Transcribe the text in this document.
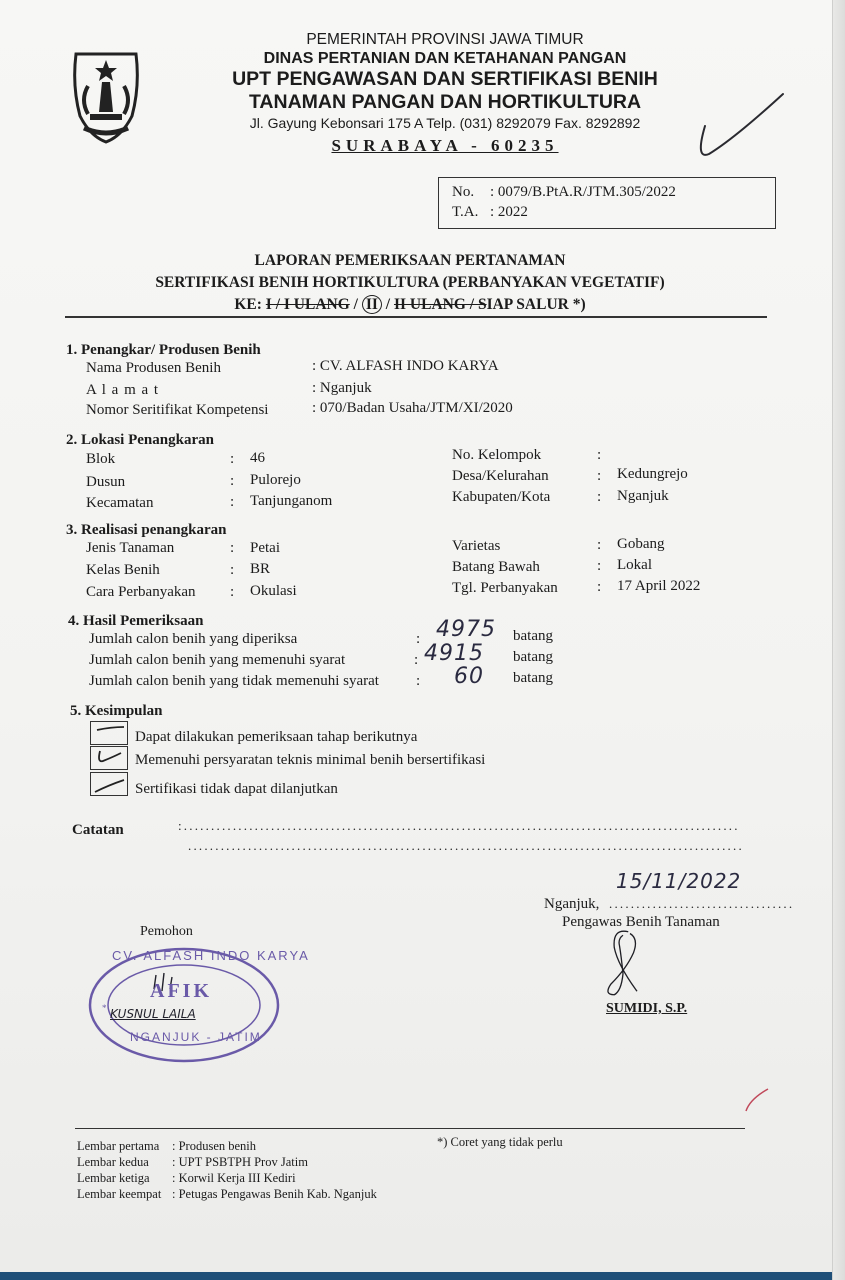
PEMERINTAH PROVINSI JAWA TIMUR
DINAS PERTANIAN DAN KETAHANAN PANGAN
UPT PENGAWASAN DAN SERTIFIKASI BENIH
TANAMAN PANGAN DAN HORTIKULTURA
Jl. Gayung Kebonsari 175 A Telp. (031) 8292079 Fax. 8292892
SURABAYA - 60235
No. : 0079/B.PtA.R/JTM.305/2022
T.A. : 2022
LAPORAN PEMERIKSAAN PERTANAMAN
SERTIFIKASI BENIH HORTIKULTURA (PERBANYAKAN VEGETATIF)
KE: I / I ULANG / II / II ULANG / SIAP SALUR *)
1. Penangkar/ Produsen Benih
Nama Produsen Benih	: CV. ALFASH INDO KARYA
A l a m a t	: Nganjuk
Nomor Seritifikat Kompetensi	: 070/Badan Usaha/JTM/XI/2020
2. Lokasi Penangkaran
Blok	: 46
Dusun	: Pulorejo
Kecamatan	: Tanjunganom
No. Kelompok	:
Desa/Kelurahan	: Kedungrejo
Kabupaten/Kota	: Nganjuk
3. Realisasi penangkaran
Jenis Tanaman	: Petai
Kelas Benih	: BR
Cara Perbanyakan : Okulasi
Varietas	: Gobang
Batang Bawah	: Lokal
Tgl. Perbanyakan	: 17 April 2022
4. Hasil Pemeriksaan
Jumlah calon benih yang diperiksa	: 4975 batang
Jumlah calon benih yang memenuhi syarat	: 4915 batang
Jumlah calon benih yang tidak memenuhi syarat : 60 batang
5. Kesimpulan
Dapat dilakukan pemeriksaan tahap berikutnya
Memenuhi persyaratan teknis minimal benih bersertifikasi
Sertifikasi tidak dapat dilanjutkan
Catatan	:......................................................................................................
......................................................................................................
15/11/2022
Nganjuk, ..................................
Pengawas Benih Tanaman
SUMIDI, S.P.
Pemohon
*
CV. ALFASH INDO KARYA
AFIK
KUSNUL LAILA
NGANJUK - JATIM
*) Coret yang tidak perlu
Lembar pertama : Produsen benih
Lembar kedua : UPT PSBTPH Prov Jatim
Lembar ketiga : Korwil Kerja III Kediri
Lembar keempat : Petugas Pengawas Benih Kab. Nganjuk
